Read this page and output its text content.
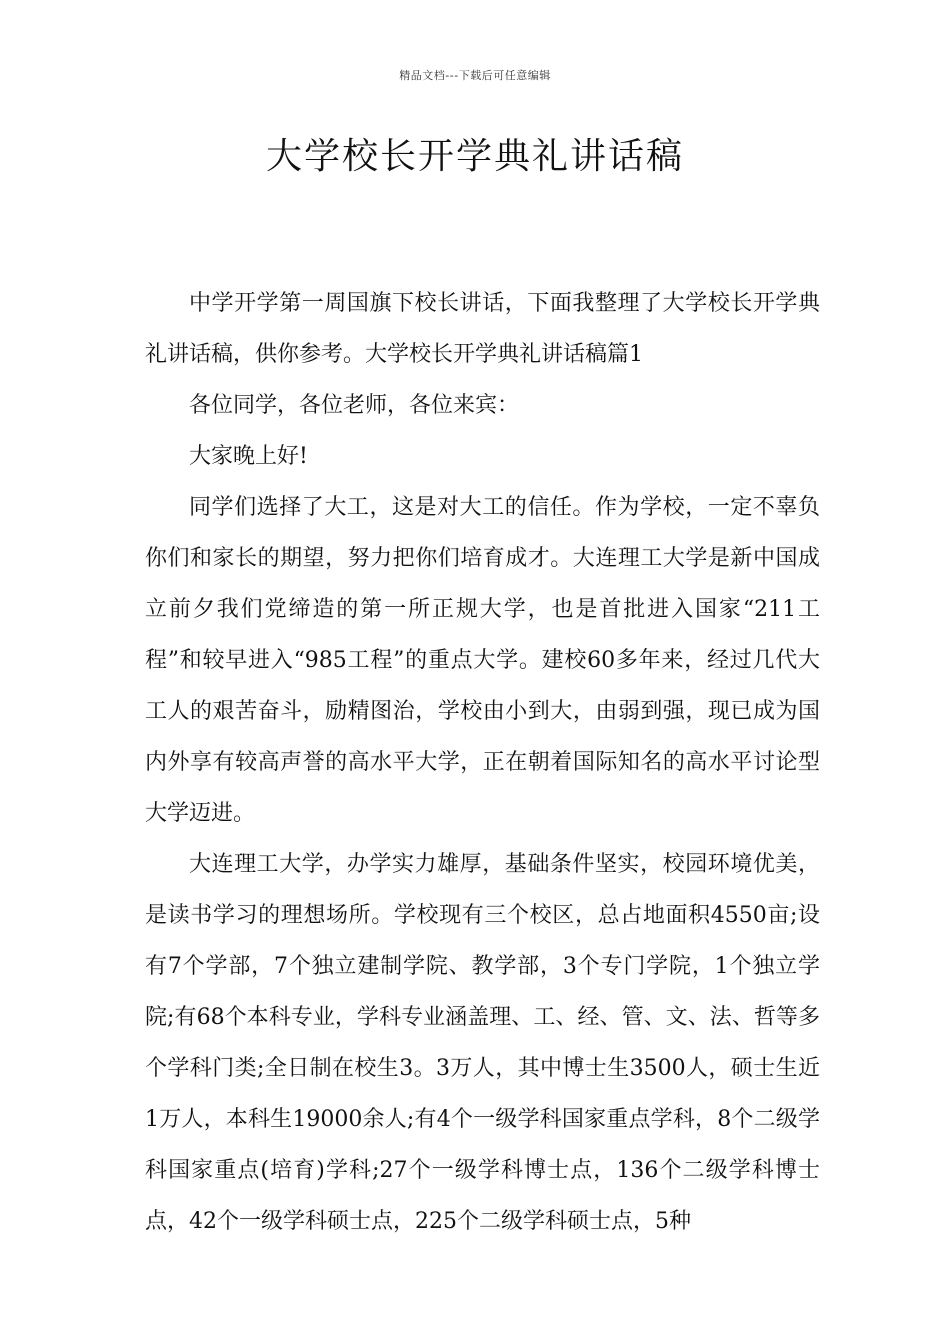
精品文档---下载后可任意编辑
大学校长开学典礼讲话稿

中学开学第一周国旗下校长讲话，下面我整理了大学校长开学典礼讲话稿，供你参考。大学校长开学典礼讲话稿篇1

各位同学，各位老师，各位来宾：

大家晚上好!

同学们选择了大工，这是对大工的信任。作为学校，一定不辜负你们和家长的期望，努力把你们培育成才。大连理工大学是新中国成立前夕我们党缔造的第一所正规大学，也是首批进入国家“211工程”和较早进入“985工程”的重点大学。建校60多年来，经过几代大工人的艰苦奋斗，励精图治，学校由小到大，由弱到强，现已成为国内外享有较高声誉的高水平大学，正在朝着国际知名的高水平讨论型大学迈进。

大连理工大学，办学实力雄厚，基础条件坚实，校园环境优美，是读书学习的理想场所。学校现有三个校区，总占地面积4550亩;设有7个学部，7个独立建制学院、教学部，3个专门学院，1个独立学院;有68个本科专业，学科专业涵盖理、工、经、管、文、法、哲等多个学科门类;全日制在校生3。3万人，其中博士生3500人，硕士生近1万人，本科生19000余人;有4个一级学科国家重点学科，8个二级学科国家重点(培育)学科;27个一级学科博士点，136个二级学科博士点，42个一级学科硕士点，225个二级学科硕士点，5种
